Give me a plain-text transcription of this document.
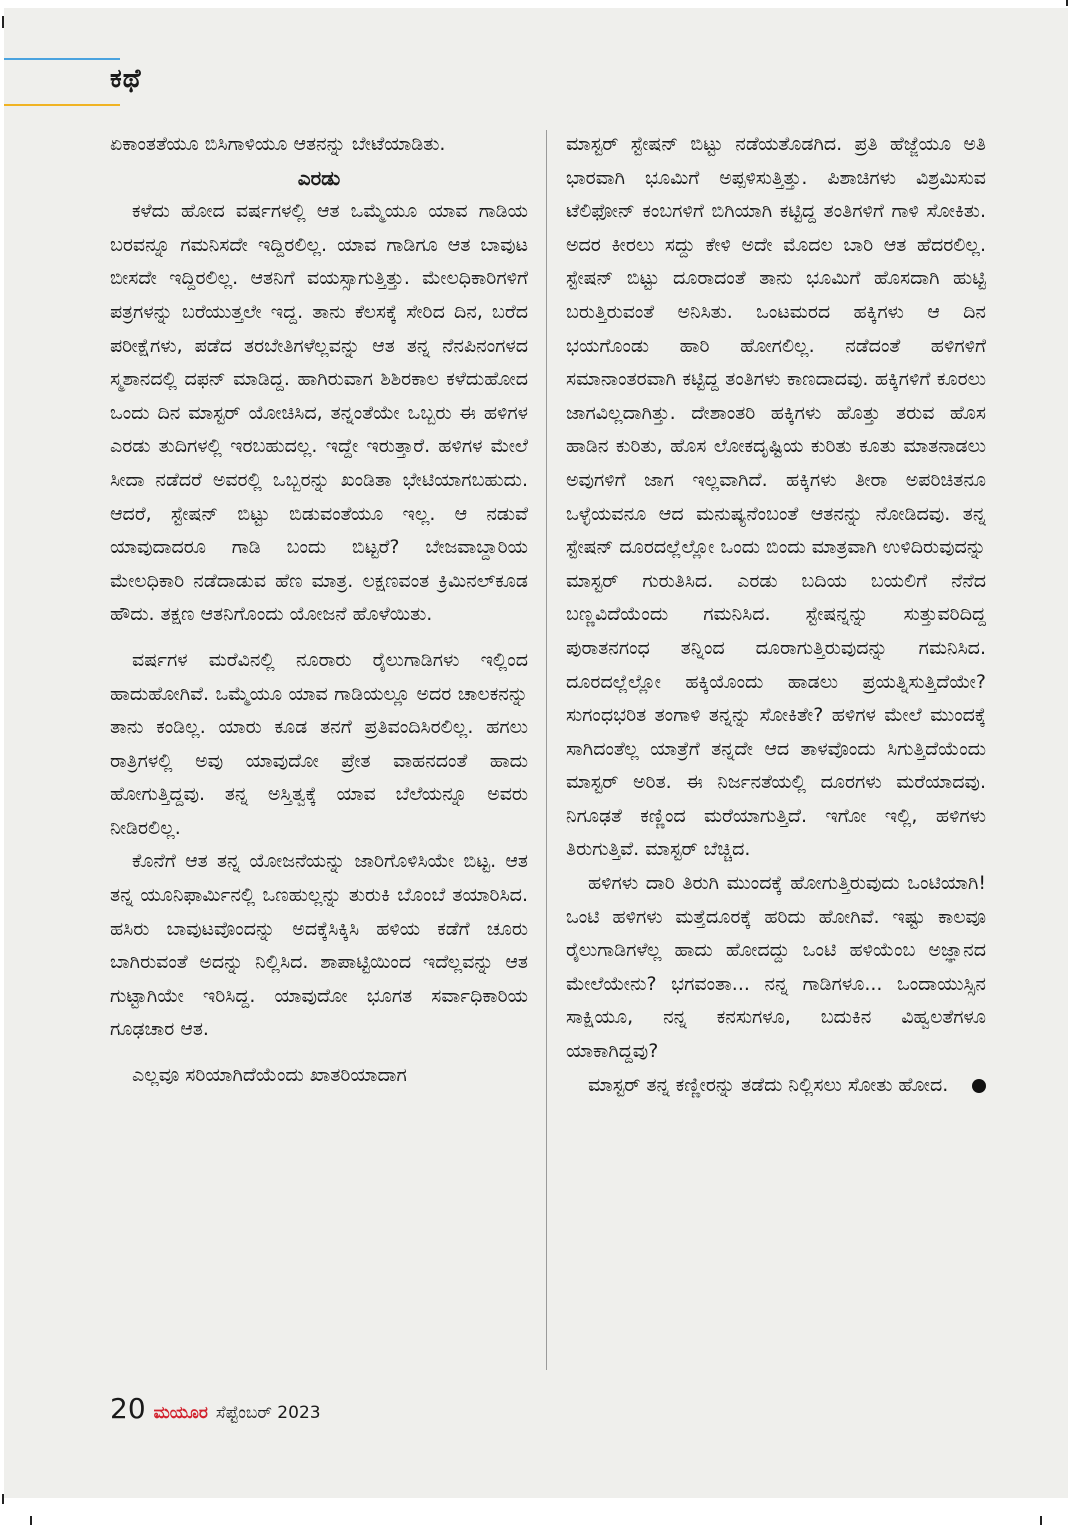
ಕಥೆ

ಏಕಾಂತತೆಯೂ ಬಿಸಿಗಾಳಿಯೂ ಆತನನ್ನು ಬೇಟೆಯಾಡಿತು.

ಎರಡು

ಕಳೆದು ಹೋದ ವರ್ಷಗಳಲ್ಲಿ ಆತ ಒಮ್ಮೆಯೂ ಯಾವ ಗಾಡಿಯ ಬರವನ್ನೂ ಗಮನಿಸದೇ ಇದ್ದಿರಲಿಲ್ಲ. ಯಾವ ಗಾಡಿಗೂ ಆತ ಬಾವುಟ ಬೀಸದೇ ಇದ್ದಿರಲಿಲ್ಲ. ಆತನಿಗೆ ವಯಸ್ಸಾಗುತ್ತಿತ್ತು. ಮೇಲಧಿಕಾರಿಗಳಿಗೆ ಪತ್ರಗಳನ್ನು ಬರೆಯುತ್ತಲೇ ಇದ್ದ. ತಾನು ಕೆಲಸಕ್ಕೆ ಸೇರಿದ ದಿನ, ಬರೆದ ಪರೀಕ್ಷೆಗಳು, ಪಡೆದ ತರಬೇತಿಗಳೆಲ್ಲವನ್ನು ಆತ ತನ್ನ ನೆನಪಿನಂಗಳದ ಸ್ಮಶಾನದಲ್ಲಿ ದಫನ್ ಮಾಡಿದ್ದ. ಹಾಗಿರುವಾಗ ಶಿಶಿರಕಾಲ ಕಳೆದುಹೋದ ಒಂದು ದಿನ ಮಾಸ್ಟರ್ ಯೋಚಿಸಿದ, ತನ್ನಂತೆಯೇ ಒಬ್ಬರು ಈ ಹಳಿಗಳ ಎರಡು ತುದಿಗಳಲ್ಲಿ ಇರಬಹುದಲ್ಲ. ಇದ್ದೇ ಇರುತ್ತಾರೆ. ಹಳಿಗಳ ಮೇಲೆ ಸೀದಾ ನಡೆದರೆ ಅವರಲ್ಲಿ ಒಬ್ಬರನ್ನು ಖಂಡಿತಾ ಭೇಟಿಯಾಗಬಹುದು. ಆದರೆ, ಸ್ಟೇಷನ್ ಬಿಟ್ಟು ಬಿಡುವಂತೆಯೂ ಇಲ್ಲ. ಆ ನಡುವೆ ಯಾವುದಾದರೂ ಗಾಡಿ ಬಂದು ಬಿಟ್ಟರೆ? ಬೇಜವಾಬ್ದಾರಿಯ ಮೇಲಧಿಕಾರಿ ನಡೆದಾಡುವ ಹೆಣ ಮಾತ್ರ. ಲಕ್ಷಣವಂತ ಕ್ರಿಮಿನಲ್‌ಕೂಡ ಹೌದು. ತಕ್ಷಣ ಆತನಿಗೊಂದು ಯೋಜನೆ ಹೊಳೆಯಿತು.

ವರ್ಷಗಳ ಮರೆವಿನಲ್ಲಿ ನೂರಾರು ರೈಲುಗಾಡಿಗಳು ಇಲ್ಲಿಂದ ಹಾದುಹೋಗಿವೆ. ಒಮ್ಮೆಯೂ ಯಾವ ಗಾಡಿಯಲ್ಲೂ ಅದರ ಚಾಲಕನನ್ನು ತಾನು ಕಂಡಿಲ್ಲ. ಯಾರು ಕೂಡ ತನಗೆ ಪ್ರತಿವಂದಿಸಿರಲಿಲ್ಲ. ಹಗಲು ರಾತ್ರಿಗಳಲ್ಲಿ ಅವು ಯಾವುದೋ ಪ್ರೇತ ವಾಹನದಂತೆ ಹಾದು ಹೋಗುತ್ತಿದ್ದವು. ತನ್ನ ಅಸ್ತಿತ್ವಕ್ಕೆ ಯಾವ ಬೆಲೆಯನ್ನೂ ಅವರು ನೀಡಿರಲಿಲ್ಲ.

ಕೊನೆಗೆ ಆತ ತನ್ನ ಯೋಜನೆಯನ್ನು ಜಾರಿಗೊಳಿಸಿಯೇ ಬಿಟ್ಟ. ಆತ ತನ್ನ ಯೂನಿಫಾರ್ಮಿನಲ್ಲಿ ಒಣಹುಲ್ಲನ್ನು ತುರುಕಿ ಬೊಂಬೆ ತಯಾರಿಸಿದ. ಹಸಿರು ಬಾವುಟವೊಂದನ್ನು ಅದಕ್ಕೆಸಿಕ್ಕಿಸಿ ಹಳಿಯ ಕಡೆಗೆ ಚೂರು ಬಾಗಿರುವಂತೆ ಅದನ್ನು ನಿಲ್ಲಿಸಿದ. ಶಾಪಾಟ್ಟಿಯಿಂದ ಇದೆಲ್ಲವನ್ನು ಆತ ಗುಟ್ಟಾಗಿಯೇ ಇರಿಸಿದ್ದ. ಯಾವುದೋ ಭೂಗತ ಸರ್ವಾಧಿಕಾರಿಯ ಗೂಢಚಾರ ಆತ.

ಎಲ್ಲವೂ ಸರಿಯಾಗಿದೆಯೆಂದು ಖಾತರಿಯಾದಾಗ

ಮಾಸ್ಟರ್ ಸ್ಟೇಷನ್ ಬಿಟ್ಟು ನಡೆಯತೊಡಗಿದ. ಪ್ರತಿ ಹೆಜ್ಜೆಯೂ ಅತಿ ಭಾರವಾಗಿ ಭೂಮಿಗೆ ಅಪ್ಪಳಿಸುತ್ತಿತ್ತು. ಪಿಶಾಚಿಗಳು ವಿಶ್ರಮಿಸುವ ಟೆಲಿಫೋನ್ ಕಂಬಗಳಿಗೆ ಬಿಗಿಯಾಗಿ ಕಟ್ಟಿದ್ದ ತಂತಿಗಳಿಗೆ ಗಾಳಿ ಸೋಕಿತು. ಅದರ ಕೀರಲು ಸದ್ದು ಕೇಳಿ ಅದೇ ಮೊದಲ ಬಾರಿ ಆತ ಹೆದರಲಿಲ್ಲ. ಸ್ಟೇಷನ್ ಬಿಟ್ಟು ದೂರಾದಂತೆ ತಾನು ಭೂಮಿಗೆ ಹೊಸದಾಗಿ ಹುಟ್ಟಿ ಬರುತ್ತಿರುವಂತೆ ಅನಿಸಿತು. ಒಂಟಮರದ ಹಕ್ಕಿಗಳು ಆ ದಿನ ಭಯಗೊಂಡು ಹಾರಿ ಹೋಗಲಿಲ್ಲ. ನಡೆದಂತೆ ಹಳಿಗಳಿಗೆ ಸಮಾನಾಂತರವಾಗಿ ಕಟ್ಟಿದ್ದ ತಂತಿಗಳು ಕಾಣದಾದವು. ಹಕ್ಕಿಗಳಿಗೆ ಕೂರಲು ಜಾಗವಿಲ್ಲದಾಗಿತ್ತು. ದೇಶಾಂತರಿ ಹಕ್ಕಿಗಳು ಹೊತ್ತು ತರುವ ಹೊಸ ಹಾಡಿನ ಕುರಿತು, ಹೊಸ ಲೋಕದೃಷ್ಟಿಯ ಕುರಿತು ಕೂತು ಮಾತನಾಡಲು ಅವುಗಳಿಗೆ ಜಾಗ ಇಲ್ಲವಾಗಿದೆ. ಹಕ್ಕಿಗಳು ತೀರಾ ಅಪರಿಚಿತನೂ ಒಳ್ಳೆಯವನೂ ಆದ ಮನುಷ್ಯನೆಂಬಂತೆ ಆತನನ್ನು ನೋಡಿದವು. ತನ್ನ ಸ್ಟೇಷನ್ ದೂರದಲ್ಲೆಲ್ಲೋ ಒಂದು ಬಿಂದು ಮಾತ್ರವಾಗಿ ಉಳಿದಿರುವುದನ್ನು ಮಾಸ್ಟರ್ ಗುರುತಿಸಿದ. ಎರಡು ಬದಿಯ ಬಯಲಿಗೆ ನೆನೆದ ಬಣ್ಣವಿದೆಯೆಂದು ಗಮನಿಸಿದ. ಸ್ಟೇಷನ್ನನ್ನು ಸುತ್ತುವರಿದಿದ್ದ ಪುರಾತನಗಂಧ ತನ್ನಿಂದ ದೂರಾಗುತ್ತಿರುವುದನ್ನು ಗಮನಿಸಿದ. ದೂರದಲ್ಲೆಲ್ಲೋ ಹಕ್ಕಿಯೊಂದು ಹಾಡಲು ಪ್ರಯತ್ನಿಸುತ್ತಿದೆಯೇ? ಸುಗಂಧಭರಿತ ತಂಗಾಳಿ ತನ್ನನ್ನು ಸೋಕಿತೇ? ಹಳಿಗಳ ಮೇಲೆ ಮುಂದಕ್ಕೆ ಸಾಗಿದಂತೆಲ್ಲ ಯಾತ್ರೆಗೆ ತನ್ನದೇ ಆದ ತಾಳವೊಂದು ಸಿಗುತ್ತಿದೆಯೆಂದು ಮಾಸ್ಟರ್ ಅರಿತ. ಈ ನಿರ್ಜನತೆಯಲ್ಲಿ ದೂರಗಳು ಮರೆಯಾದವು. ನಿಗೂಢತೆ ಕಣ್ಣಿಂದ ಮರೆಯಾಗುತ್ತಿದೆ. ಇಗೋ ಇಲ್ಲಿ, ಹಳಿಗಳು ತಿರುಗುತ್ತಿವೆ. ಮಾಸ್ಟರ್ ಬೆಚ್ಚಿದ.

ಹಳಿಗಳು ದಾರಿ ತಿರುಗಿ ಮುಂದಕ್ಕೆ ಹೋಗುತ್ತಿರುವುದು ಒಂಟಿಯಾಗಿ! ಒಂಟಿ ಹಳಿಗಳು ಮತ್ತೆದೂರಕ್ಕೆ ಹರಿದು ಹೋಗಿವೆ. ಇಷ್ಟು ಕಾಲವೂ ರೈಲುಗಾಡಿಗಳೆಲ್ಲ ಹಾದು ಹೋದದ್ದು ಒಂಟಿ ಹಳಿಯೆಂಬ ಅಜ್ಞಾನದ ಮೇಲೆಯೇನು? ಭಗವಂತಾ... ನನ್ನ ಗಾಡಿಗಳೂ... ಒಂದಾಯುಸ್ಸಿನ ಸಾಕ್ಷಿಯೂ, ನನ್ನ ಕನಸುಗಳೂ, ಬದುಕಿನ ವಿಹ್ವಲತೆಗಳೂ ಯಾಕಾಗಿದ್ದವು?

ಮಾಸ್ಟರ್ ತನ್ನ ಕಣ್ಣೀರನ್ನು ತಡೆದು ನಿಲ್ಲಿಸಲು ಸೋತು ಹೋದ.

20 ಮಯೂರ ಸೆಪ್ಟೆಂಬರ್ 2023
